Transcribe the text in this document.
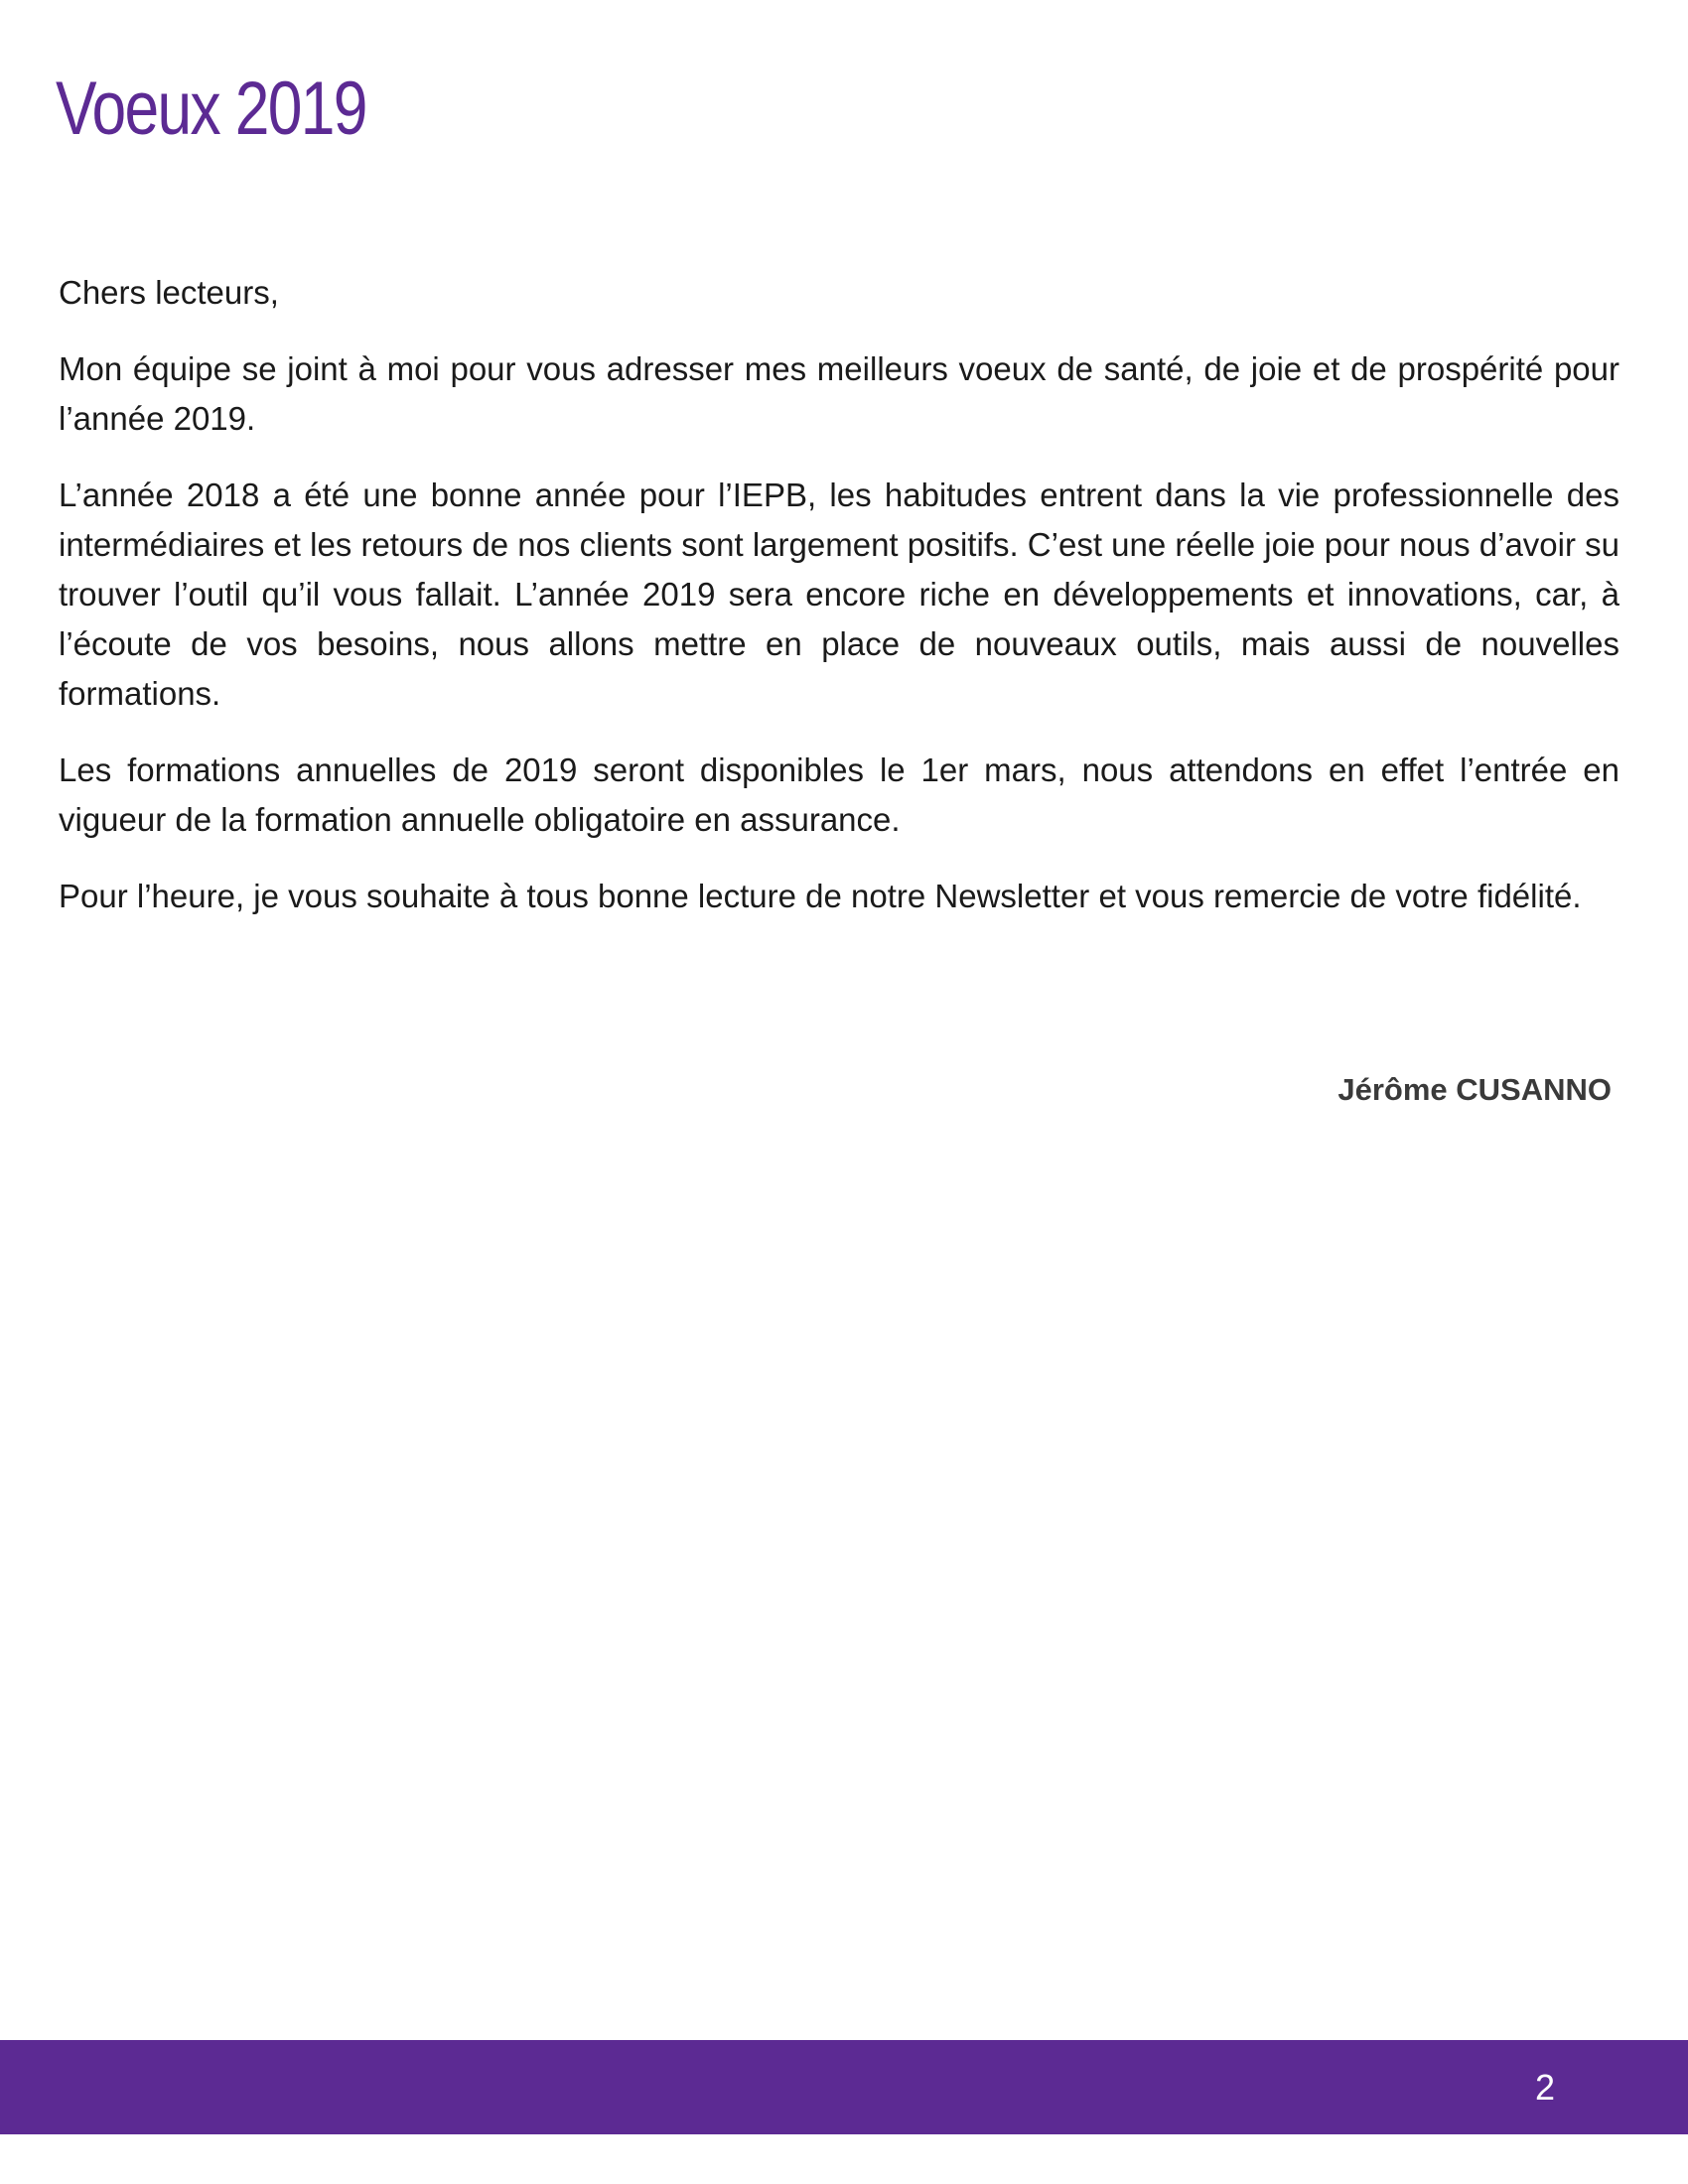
Voeux 2019

Chers lecteurs,

Mon équipe se joint à moi pour vous adresser mes meilleurs voeux de santé, de joie et de prospérité pour l’année 2019.

L’année 2018 a été une bonne année pour l’IEPB, les habitudes entrent dans la vie professionnelle des intermédiaires et les retours de nos clients sont largement positifs. C’est une réelle joie pour nous d’avoir su trouver l’outil qu’il vous fallait. L’année 2019 sera encore riche en développements et innovations, car, à l’écoute de vos besoins, nous allons mettre en place de nouveaux outils, mais aussi de nouvelles formations.

Les formations annuelles de 2019 seront disponibles le 1er mars, nous attendons en effet l’entrée en vigueur de la formation annuelle obligatoire en assurance.

Pour l’heure, je vous souhaite à tous bonne lecture de notre Newsletter et vous remercie de votre fidélité.

Jérôme CUSANNO
2
